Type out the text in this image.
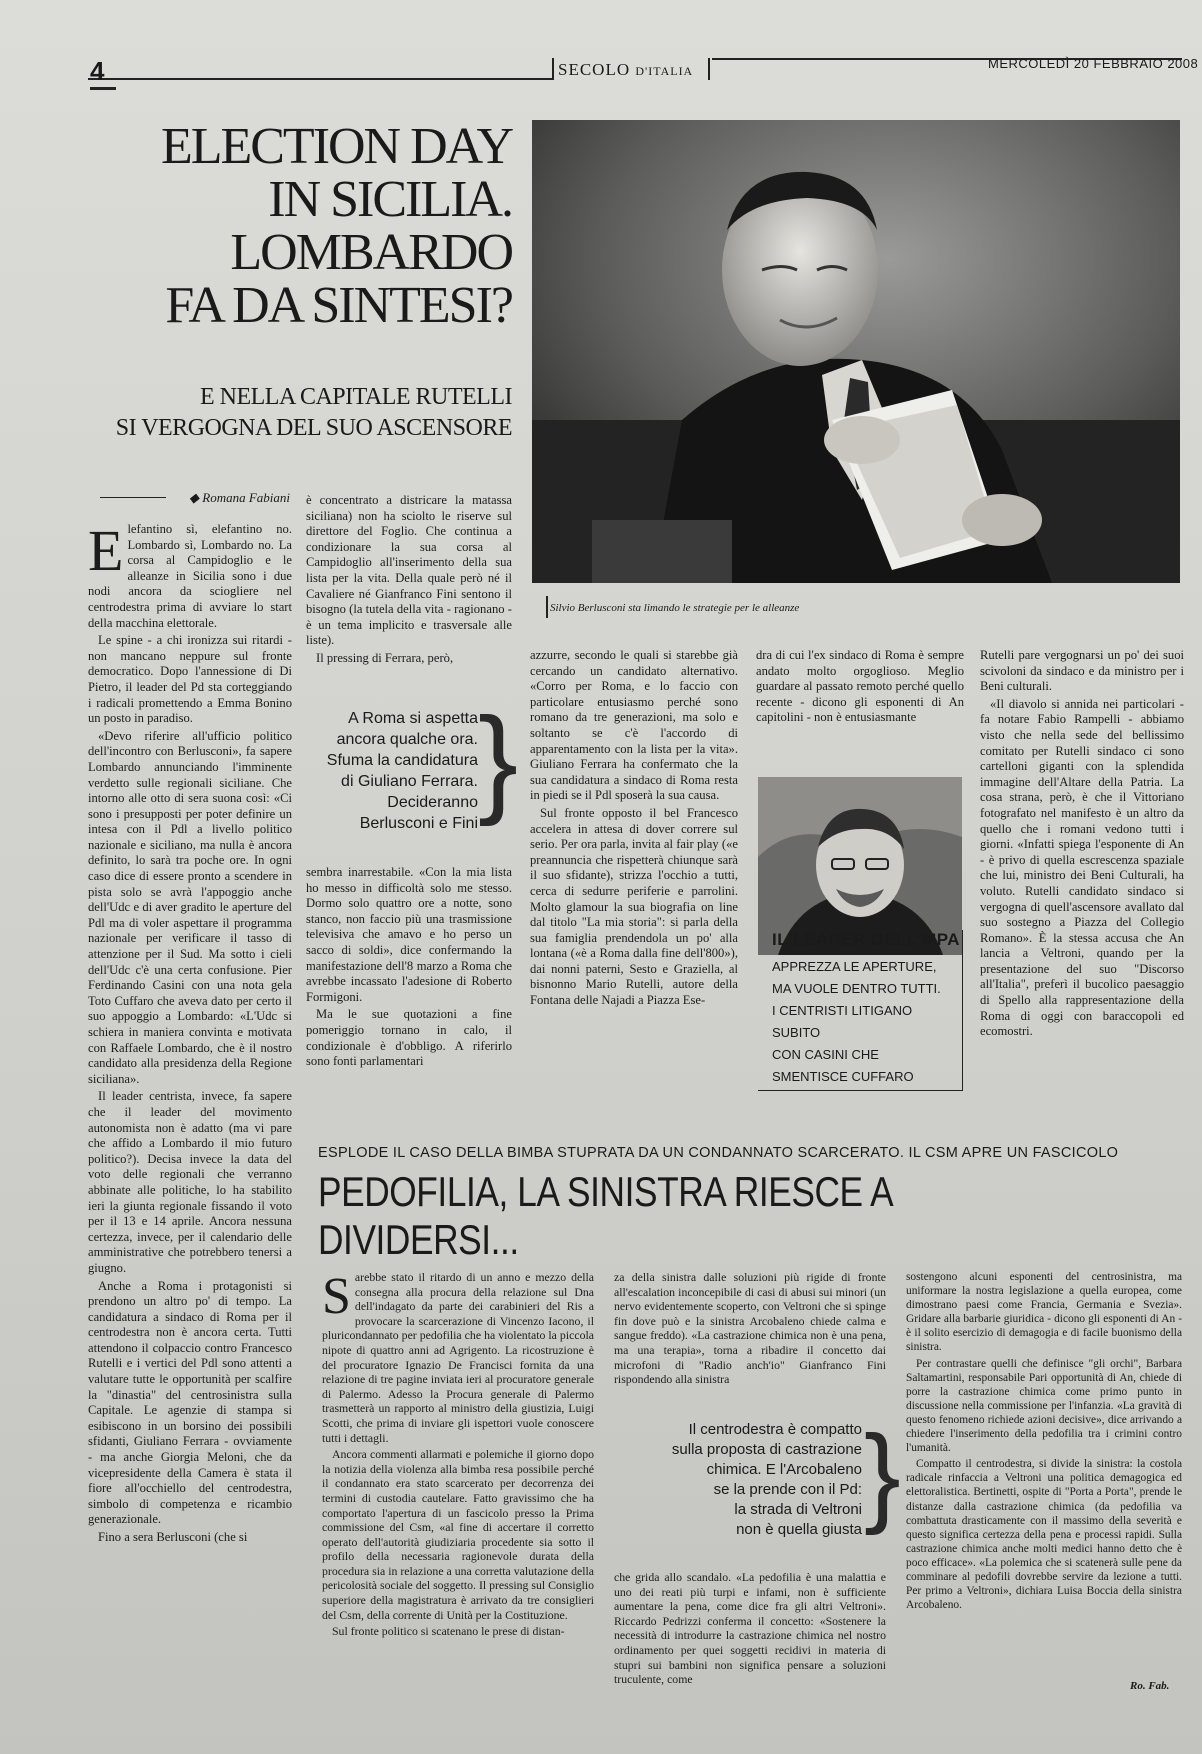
4	SECOLO D'ITALIA	MERCOLEDÌ 20 FEBBRAIO 2008
ELECTION DAY
IN SICILIA.
LOMBARDO
FA DA SINTESI?
E NELLA CAPITALE RUTELLI
SI VERGOGNA DEL SUO ASCENSORE
◆ Romana Fabiani
Silvio Berlusconi sta limando le strategie per le alleanze
E lefantino sì, elefantino no. Lombardo sì, Lombardo no. La corsa al Campidoglio e le alleanze in Sicilia sono i due nodi ancora da sciogliere nel centrodestra prima di avviare lo start della macchina elettorale.

Le spine - a chi ironizza sui ritardi - non mancano neppure sul fronte democratico. Dopo l'annessione di Di Pietro, il leader del Pd sta corteggiando i radicali promettendo a Emma Bonino un posto in paradiso.

«Devo riferire all'ufficio politico dell'incontro con Berlusconi», fa sapere Lombardo annunciando l'imminente verdetto sulle regionali siciliane. Che intorno alle otto di sera suona così: «Ci sono i presupposti per poter definire un intesa con il Pdl a livello politico nazionale e siciliano, ma nulla è ancora definito, lo sarà tra poche ore. In ogni caso dice di essere pronto a scendere in pista solo se avrà l'appoggio anche dell'Udc e di aver gradito le aperture del Pdl ma di voler aspettare il programma nazionale per verificare il tasso di attenzione per il Sud. Ma sotto i cieli dell'Udc c'è una certa confusione. Pier Ferdinando Casini con una nota gela Toto Cuffaro che aveva dato per certo il suo appoggio a Lombardo: «L'Udc si schiera in maniera convinta e motivata con Raffaele Lombardo, che è il nostro candidato alla presidenza della Regione siciliana».

Il leader centrista, invece, fa sapere che il leader del movimento autonomista non è adatto (ma vi pare che affido a Lombardo il mio futuro politico?). Decisa invece la data del voto delle regionali che verranno abbinate alle politiche, lo ha stabilito ieri la giunta regionale fissando il voto per il 13 e 14 aprile. Ancora nessuna certezza, invece, per il calendario delle amministrative che potrebbero tenersi a giugno.

Anche a Roma i protagonisti si prendono un altro po' di tempo. La candidatura a sindaco di Roma per il centrodestra non è ancora certa. Tutti attendono il colpaccio contro Francesco Rutelli e i vertici del Pdl sono attenti a valutare tutte le opportunità per scalfire la "dinastia" del centrosinistra sulla Capitale. Le agenzie di stampa si esibiscono in un borsino dei possibili sfidanti, Giuliano Ferrara - ovviamente - ma anche Giorgia Meloni, che da vicepresidente della Camera è stata il fiore all'occhiello del centrodestra, simbolo di competenza e ricambio generazionale.

Fino a sera Berlusconi (che si

è concentrato a districare la matassa siciliana) non ha sciolto le riserve sul direttore del Foglio. Che continua a condizionare la sua corsa al Campidoglio all'inserimento della sua lista per la vita. Della quale però né il Cavaliere né Gianfranco Fini sentono il bisogno (la tutela della vita - ragionano - è un tema implicito e trasversale alle liste).

Il pressing di Ferrara, però,

A Roma si aspetta
ancora qualche ora.
Sfuma la candidatura
di Giuliano Ferrara.
Decideranno
Berlusconi e Fini }

sembra inarrestabile. «Con la mia lista ho messo in difficoltà solo me stesso. Dormo solo quattro ore a notte, sono stanco, non faccio più una trasmissione televisiva che amavo e ho perso un sacco di soldi», dice confermando la manifestazione dell'8 marzo a Roma che avrebbe incassato l'adesione di Roberto Formigoni.

Ma le sue quotazioni a fine pomeriggio tornano in calo, il condizionale è d'obbligo. A riferirlo sono fonti parlamentari

azzurre, secondo le quali si starebbe già cercando un candidato alternativo. «Corro per Roma, e lo faccio con particolare entusiasmo perché sono romano da tre generazioni, ma solo e soltanto se c'è l'accordo di apparentamento con la lista per la vita». Giuliano Ferrara ha confermato che la sua candidatura a sindaco di Roma resta in piedi se il Pdl sposerà la sua causa.

Sul fronte opposto il bel Francesco accelera in attesa di dover correre sul serio. Per ora parla, invita al fair play («e preannuncia che rispetterà chiunque sarà il suo sfidante), strizza l'occhio a tutti, cerca di sedurre periferie e parrolini. Molto glamour la sua biografia on line dal titolo "La mia storia": si parla della sua famiglia prendendola un po' alla lontana («è a Roma dalla fine dell'800»), dai nonni paterni, Sesto e Graziella, al bisnonno Mario Rutelli, autore della Fontana delle Najadi a Piazza Ese-

dra di cui l'ex sindaco di Roma è sempre andato molto orgoglioso. Meglio guardare al passato remoto perché quello recente - dicono gli esponenti di An capitolini - non è entusiasmante

IL LEADER DELL'MPA
APPREZZA LE APERTURE,
MA VUOLE DENTRO TUTTI.
I CENTRISTI LITIGANO SUBITO
CON CASINI CHE
SMENTISCE CUFFARO

Rutelli pare vergognarsi un po' dei suoi scivoloni da sindaco e da ministro per i Beni culturali.

«Il diavolo si annida nei particolari - fa notare Fabio Rampelli - abbiamo visto che nella sede del bellissimo comitato per Rutelli sindaco ci sono cartelloni giganti con la splendida immagine dell'Altare della Patria. La cosa strana, però, è che il Vittoriano fotografato nel manifesto è un altro da quello che i romani vedono tutti i giorni. «Infatti spiega l'esponente di An - è privo di quella escrescenza spaziale che lui, ministro dei Beni Culturali, ha voluto. Rutelli candidato sindaco si vergogna di quell'ascensore avallato dal suo sostegno a Piazza del Collegio Romano». È la stessa accusa che An lancia a Veltroni, quando per la presentazione del suo "Discorso all'Italia", preferì il bucolico paesaggio di Spello alla rappresentazione della Roma di oggi con baraccopoli ed ecomostri.

ESPLODE IL CASO DELLA BIMBA STUPRATA DA UN CONDANNATO SCARCERATO. IL CSM APRE UN FASCICOLO
PEDOFILIA, LA SINISTRA RIESCE A DIVIDERSI...
S arebbe stato il ritardo di un anno e mezzo della consegna alla procura della relazione sul Dna dell'indagato da parte dei carabinieri del Ris a provocare la scarcerazione di Vincenzo Iacono, il pluricondannato per pedofilia che ha violentato la piccola nipote di quattro anni ad Agrigento. La ricostruzione è del procuratore Ignazio De Francisci fornita da una relazione di tre pagine inviata ieri al procuratore generale di Palermo. Adesso la Procura generale di Palermo trasmetterà un rapporto al ministro della giustizia, Luigi Scotti, che prima di inviare gli ispettori vuole conoscere tutti i dettagli.

Ancora commenti allarmati e polemiche il giorno dopo la notizia della violenza alla bimba resa possibile perché il condannato era stato scarcerato per decorrenza dei termini di custodia cautelare. Fatto gravissimo che ha comportato l'apertura di un fascicolo presso la Prima commissione del Csm, «al fine di accertare il corretto operato dell'autorità giudiziaria procedente sia sotto il profilo della necessaria ragionevole durata della procedura sia in relazione a una corretta valutazione della pericolosità sociale del soggetto. Il pressing sul Consiglio superiore della magistratura è arrivato da tre consiglieri del Csm, della corrente di Unità per la Costituzione.

Sul fronte politico si scatenano le prese di distan-

za della sinistra dalle soluzioni più rigide di fronte all'escalation inconcepibile di casi di abusi sui minori (un nervo evidentemente scoperto, con Veltroni che si spinge fin dove può e la sinistra Arcobaleno chiede calma e sangue freddo). «La castrazione chimica non è una pena, ma una terapia», torna a ribadire il concetto dai microfoni di "Radio anch'io" Gianfranco Fini rispondendo alla sinistra

Il centrodestra è compatto
sulla proposta di castrazione
chimica. E l'Arcobaleno
se la prende con il Pd:
la strada di Veltroni
non è quella giusta }

che grida allo scandalo. «La pedofilia è una malattia e uno dei reati più turpi e infami, non è sufficiente aumentare la pena, come dice fra gli altri Veltroni». Riccardo Pedrizzi conferma il concetto: «Sostenere la necessità di introdurre la castrazione chimica nel nostro ordinamento per quei soggetti recidivi in materia di stupri sui bambini non significa pensare a soluzioni truculente, come

sostengono alcuni esponenti del centrosinistra, ma uniformare la nostra legislazione a quella europea, come dimostrano paesi come Francia, Germania e Svezia». Gridare alla barbarie giuridica - dicono gli esponenti di An - è il solito esercizio di demagogia e di facile buonismo della sinistra.

Per contrastare quelli che definisce "gli orchi", Barbara Saltamartini, responsabile Pari opportunità di An, chiede di porre la castrazione chimica come primo punto in discussione nella commissione per l'infanzia. «La gravità di questo fenomeno richiede azioni decisive», dice arrivando a chiedere l'inserimento della pedofilia tra i crimini contro l'umanità.

Compatto il centrodestra, si divide la sinistra: la costola radicale rinfaccia a Veltroni una politica demagogica ed elettoralistica. Bertinetti, ospite di "Porta a Porta", prende le distanze dalla castrazione chimica (da pedofilia va combattuta drasticamente con il massimo della severità e questo significa certezza della pena e processi rapidi. Sulla castrazione chimica anche molti medici hanno detto che è poco efficace». «La polemica che si scatenerà sulle pene da comminare al pedofili dovrebbe servire da lezione a tutti. Per primo a Veltroni», dichiara Luisa Boccia della sinistra Arcobaleno.

Ro. Fab.
